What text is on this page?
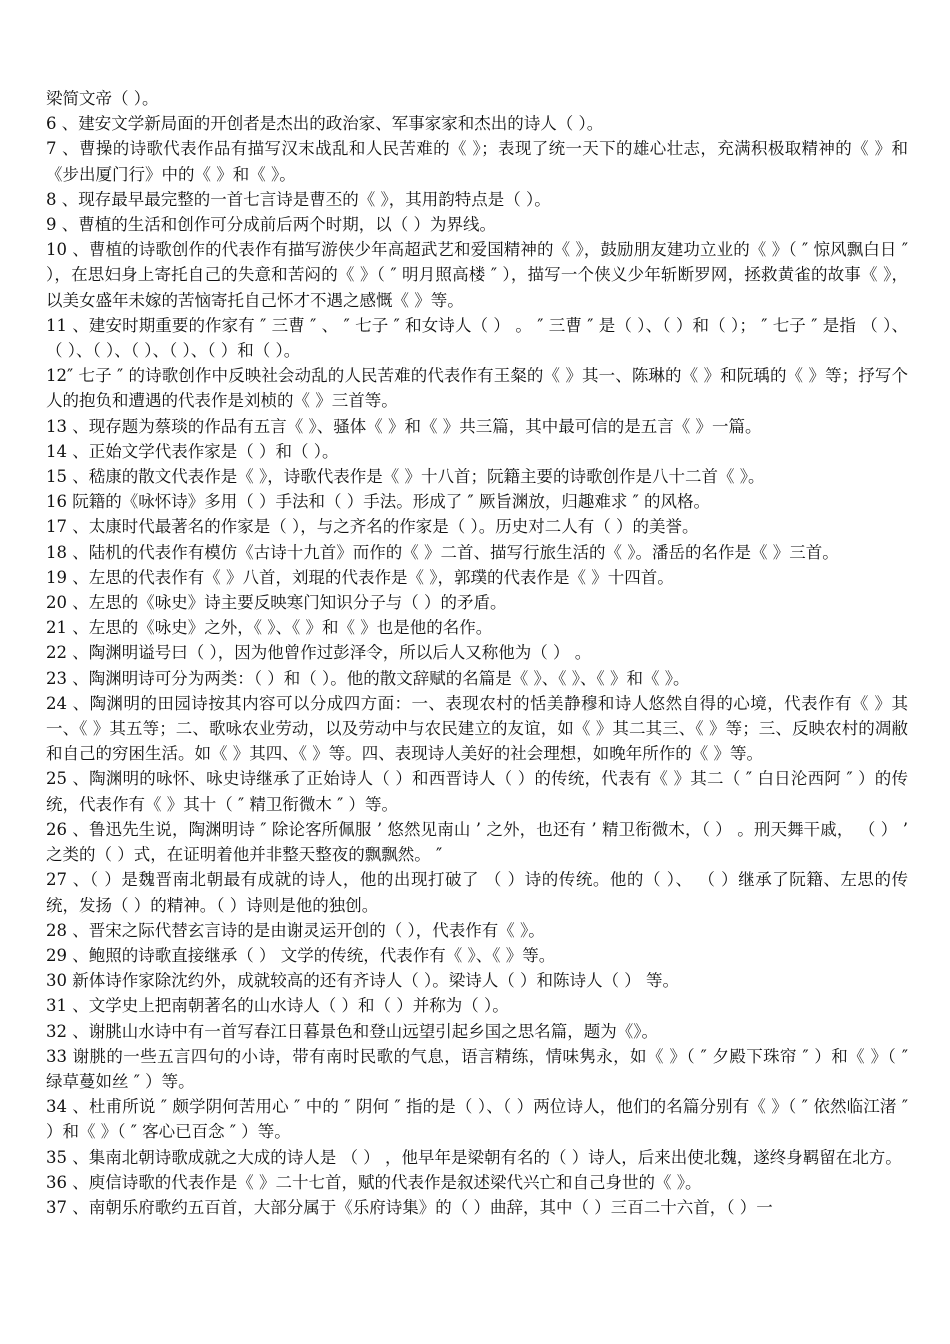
梁简文帝（ ）。

6 、建安文学新局面的开创者是杰出的政治家、军事家家和杰出的诗人（ ）。

7 、曹操的诗歌代表作品有描写汉末战乱和人民苦难的《 》；表现了统一天下的雄心壮志，充满积极取精神的《 》和《步出厦门行》中的《 》和《 》。

8 、现存最早最完整的一首七言诗是曹丕的《 》，其用韵特点是（ ）。

9 、曹植的生活和创作可分成前后两个时期，以（ ）为界线。

10 、曹植的诗歌创作的代表作有描写游侠少年高超武艺和爱国精神的《 》，鼓励朋友建功立业的《 》（ ″ 惊风飘白日 ″ ），在思妇身上寄托自己的失意和苦闷的《 》（ ″ 明月照高楼 ″ ），描写一个侠义少年斩断罗网，拯救黄雀的故事《 》，以美女盛年未嫁的苦恼寄托自己怀才不遇之感慨《 》等。

11 、建安时期重要的作家有 ″ 三曹 ″ 、 ″ 七子 ″ 和女诗人（ ） 。 ″ 三曹 ″ 是（ ）、（ ）和（ ）； ″ 七子 ″ 是指 （ ）、（ ）、（ ）、（ ）、（ ）、（ ）和（ ）。

12″ 七子 ″ 的诗歌创作中反映社会动乱的人民苦难的代表作有王粲的《 》其一、陈琳的《 》和阮瑀的《 》等；抒写个人的抱负和遭遇的代表作是刘桢的《 》三首等。

13 、现存题为蔡琰的作品有五言《 》、骚体《 》和《 》共三篇，其中最可信的是五言《 》一篇。

14 、正始文学代表作家是（ ）和（ ）。

15 、嵇康的散文代表作是《 》，诗歌代表作是《 》十八首；阮籍主要的诗歌创作是八十二首《 》。

16 阮籍的《咏怀诗》多用（ ）手法和（ ）手法。形成了 ″ 厥旨渊放，归趣难求 ″ 的风格。

17 、太康时代最著名的作家是（ ），与之齐名的作家是（ ）。历史对二人有（ ）的美誉。

18 、陆机的代表作有模仿《古诗十九首》而作的《 》二首、描写行旅生活的《 》。潘岳的名作是《 》三首。

19 、左思的代表作有《 》八首，刘琨的代表作是《 》，郭璞的代表作是《 》十四首。

20 、左思的《咏史》诗主要反映寒门知识分子与（ ）的矛盾。

21 、左思的《咏史》之外，《 》、《 》和《 》也是他的名作。

22 、陶渊明谥号曰（ ），因为他曾作过彭泽令，所以后人又称他为（ ） 。

23 、陶渊明诗可分为两类：（ ）和（ ）。他的散文辞赋的名篇是《 》、《 》、《 》和《 》。

24 、陶渊明的田园诗按其内容可以分成四方面：一、表现农村的恬美静穆和诗人悠然自得的心境，代表作有《 》其一、《 》其五等；二、歌咏农业劳动，以及劳动中与农民建立的友谊，如《 》其二其三、《 》等；三、反映农村的凋敝和自己的穷困生活。如《 》其四、《 》等。四、表现诗人美好的社会理想，如晚年所作的《 》等。

25 、陶渊明的咏怀、咏史诗继承了正始诗人（ ）和西晋诗人（ ）的传统，代表有《 》其二（ ″ 白日沦西阿 ″ ）的传统，代表作有《 》其十（ ″ 精卫衔微木 ″ ）等。

26 、鲁迅先生说，陶渊明诗 ″ 除论客所佩服 ’ 悠然见南山 ’ 之外，也还有 ’ 精卫衔微木，（ ） 。刑天舞干戚， （ ） ’ 之类的（ ）式，在证明着他并非整天整夜的飘飘然。 ″

27 、（ ）是魏晋南北朝最有成就的诗人，他的出现打破了 （ ）诗的传统。他的（ ）、 （ ）继承了阮籍、左思的传统，发扬（ ）的精神。（ ）诗则是他的独创。

28 、晋宋之际代替玄言诗的是由谢灵运开创的（ ），代表作有《 》。

29 、鲍照的诗歌直接继承（ ） 文学的传统，代表作有《 》、《 》等。

30 新体诗作家除沈约外，成就较高的还有齐诗人（ ）。梁诗人（ ）和陈诗人（ ） 等。

31 、文学史上把南朝著名的山水诗人（ ）和（ ）并称为（ ）。

32 、谢朓山水诗中有一首写春江日暮景色和登山远望引起乡国之思名篇，题为《》。

33 谢朓的一些五言四句的小诗，带有南时民歌的气息，语言精练，情味隽永，如《 》（ ″ 夕殿下珠帘 ″ ）和《 》（ ″ 绿草蔓如丝 ″ ）等。

34 、杜甫所说 ″ 颇学阴何苦用心 ″ 中的 ″ 阴何 ″ 指的是（ ）、（ ）两位诗人，他们的名篇分别有《 》（ ″ 依然临江渚 ″ ）和《 》（ ″ 客心已百念 ″ ）等。

35 、集南北朝诗歌成就之大成的诗人是 （ ） ，他早年是梁朝有名的（ ）诗人，后来出使北魏，遂终身羁留在北方。

36 、庾信诗歌的代表作是《 》二十七首，赋的代表作是叙述梁代兴亡和自己身世的《 》。

37 、南朝乐府歌约五百首，大部分属于《乐府诗集》的（ ）曲辞，其中（ ）三百二十六首，（ ）一
